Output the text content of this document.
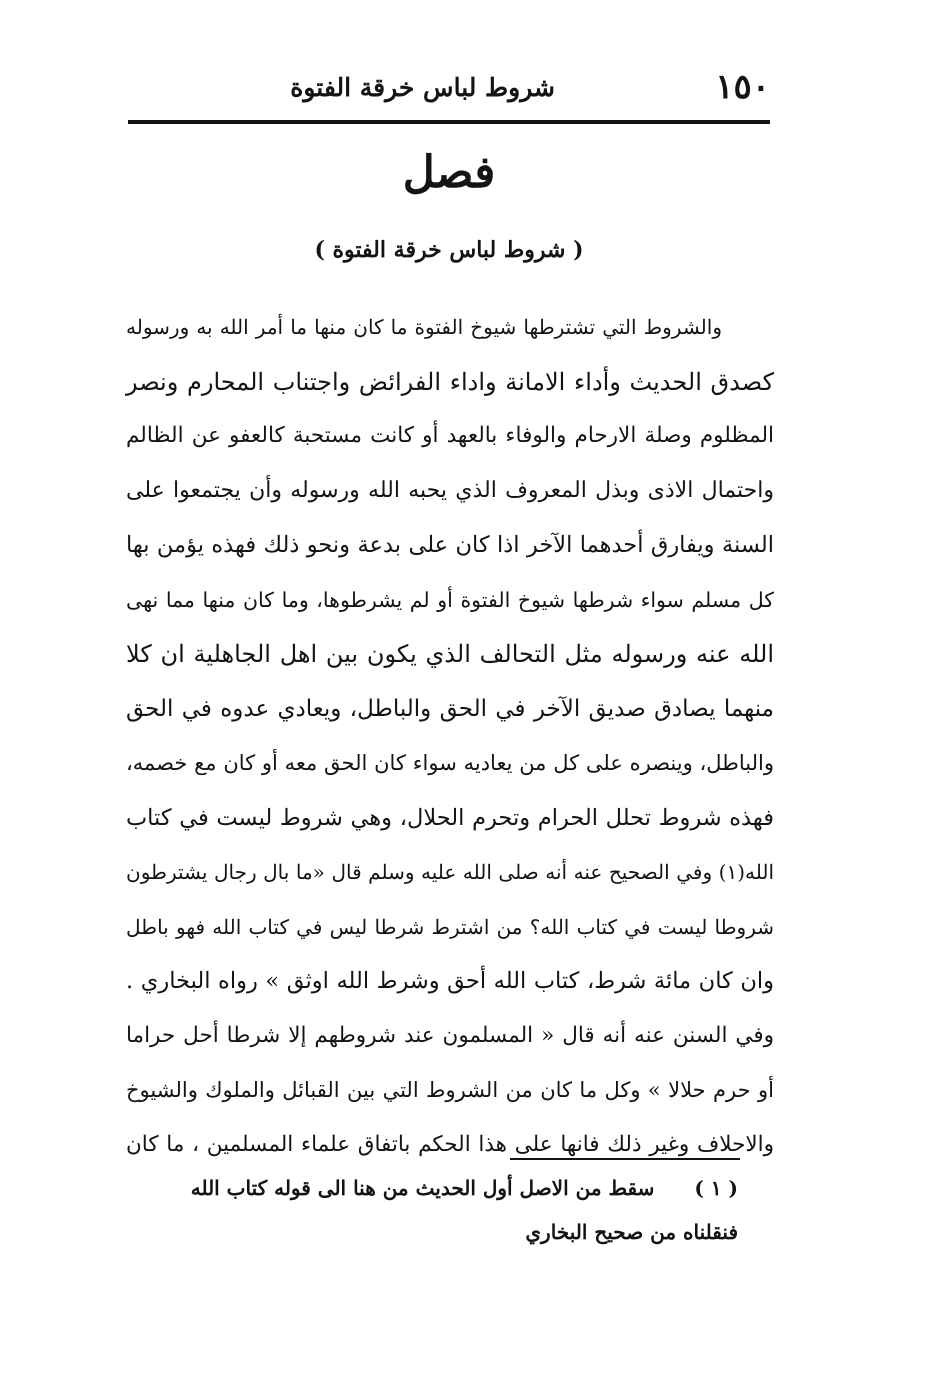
١٥٠
شروط لباس خرقة الفتوة
فصل
( شروط لباس خرقة الفتوة )
والشروط التي تشترطها شيوخ الفتوة ما كان منها ما أمر الله به ورسوله
كصدق الحديث وأداء الامانة واداء الفرائض واجتناب المحارم ونصر
المظلوم وصلة الارحام والوفاء بالعهد أو كانت مستحبة كالعفو عن الظالم
واحتمال الاذى وبذل المعروف الذي يحبه الله ورسوله وأن يجتمعوا على
السنة ويفارق أحدهما الآخر اذا كان على بدعة ونحو ذلك فهذه يؤمن بها
كل مسلم سواء شرطها شيوخ الفتوة أو لم يشرطوها، وما كان منها مما نهى
الله عنه ورسوله مثل التحالف الذي يكون بين اهل الجاهلية ان كلا
منهما يصادق صديق الآخر في الحق والباطل، ويعادي عدوه في الحق
والباطل، وينصره على كل من يعاديه سواء كان الحق معه أو كان مع خصمه،
فهذه شروط تحلل الحرام وتحرم الحلال، وهي شروط ليست في كتاب
الله(١) وفي الصحيح عنه أنه صلى الله عليه وسلم قال «ما بال رجال يشترطون
شروطا ليست في كتاب الله؟ من اشترط شرطا ليس في كتاب الله فهو باطل
وان كان مائة شرط، كتاب الله أحق وشرط الله اوثق » رواه البخاري .
وفي السنن عنه أنه قال « المسلمون عند شروطهم إلا شرطا أحل حراما
أو حرم حلالا » وكل ما كان من الشروط التي بين القبائل والملوك والشيوخ
والاحلاف وغير ذلك فانها على هذا الحكم باتفاق علماء المسلمين ، ما كان
( ١ )سقط من الاصل أول الحديث من هنا الى قوله كتاب الله
فنقلناه من صحيح البخاري
